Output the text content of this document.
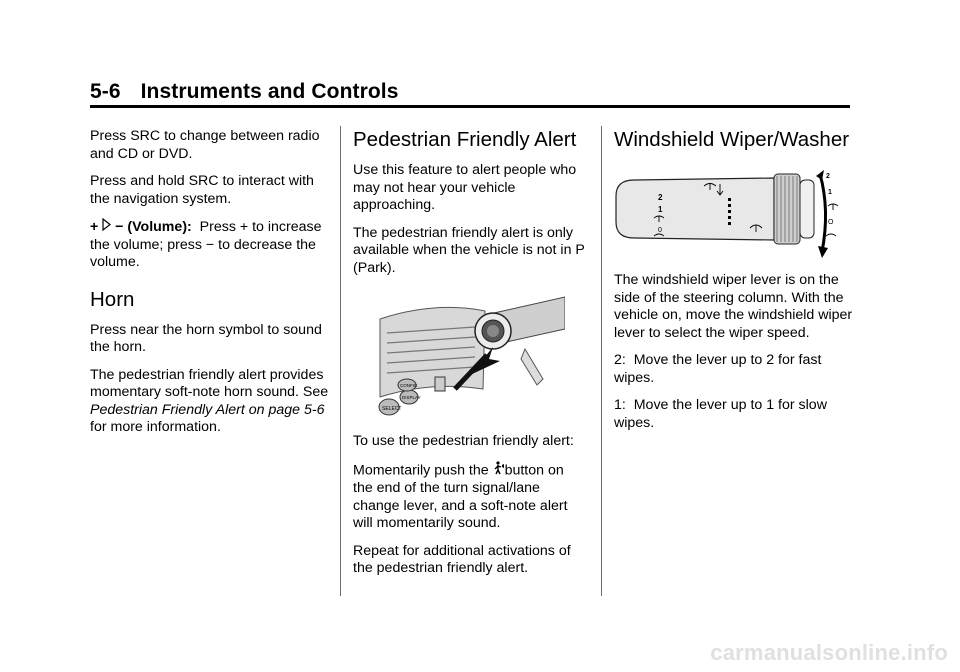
5-6 Instruments and Controls

Press SRC to change between radio and CD or DVD.

Press and hold SRC to interact with the navigation system.

+  − (Volume): Press + to increase the volume; press − to decrease the volume.

Horn

Press near the horn symbol to sound the horn.

The pedestrian friendly alert provides momentary soft-note horn sound. See Pedestrian Friendly Alert on page 5-6 for more information.

Pedestrian Friendly Alert

Use this feature to alert people who may not hear your vehicle approaching.

The pedestrian friendly alert is only available when the vehicle is not in P (Park).

SELECT
DISPLAY
CONFIG

To use the pedestrian friendly alert:

Momentarily push the button on the end of the turn signal/lane change lever, and a soft-note alert will momentarily sound.

Repeat for additional activations of the pedestrian friendly alert.

Windshield Wiper/Washer
2
1
0
2
1
O

The windshield wiper lever is on the side of the steering column. With the vehicle on, move the windshield wiper lever to select the wiper speed.

2: Move the lever up to 2 for fast wipes.

1: Move the lever up to 1 for slow wipes.

carmanualsonline.info
